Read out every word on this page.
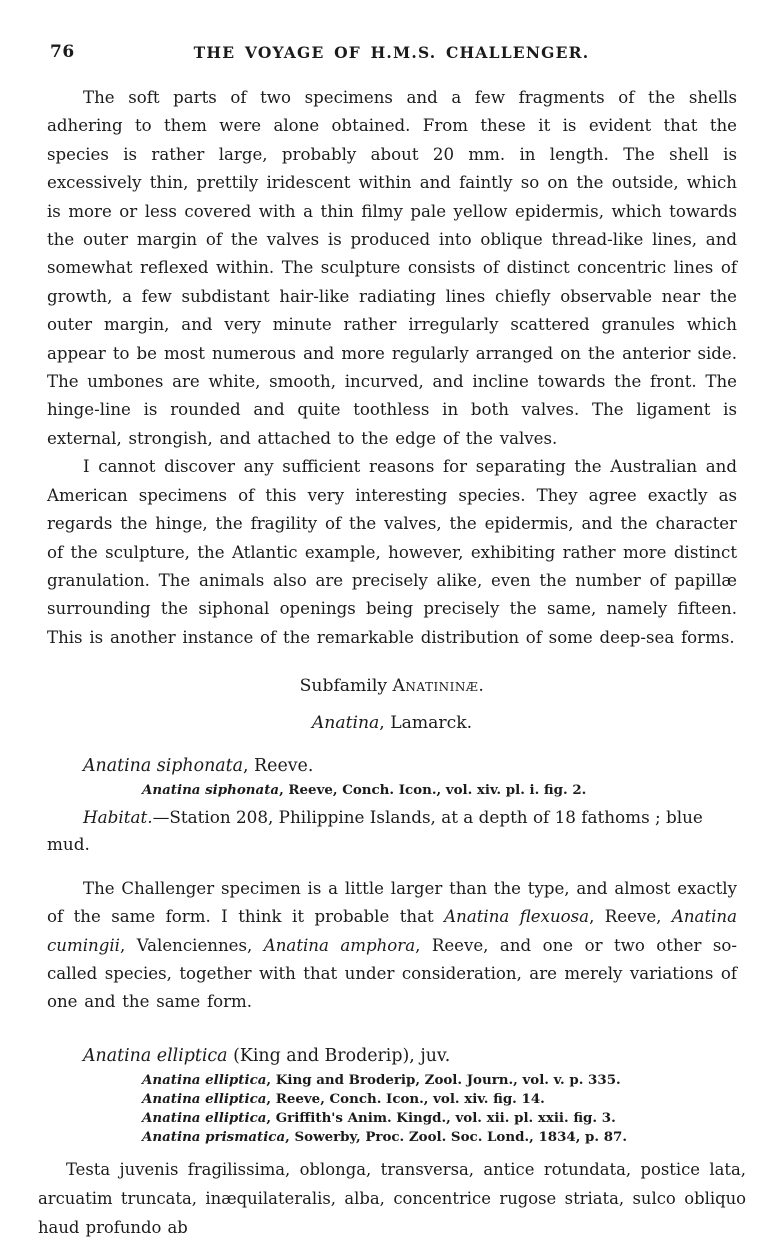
76	THE VOYAGE OF H.M.S. CHALLENGER.

The soft parts of two specimens and a few fragments of the shells adhering to them were alone obtained. From these it is evident that the species is rather large, probably about 20 mm. in length. The shell is excessively thin, prettily iridescent within and faintly so on the outside, which is more or less covered with a thin filmy pale yellow epidermis, which towards the outer margin of the valves is produced into oblique thread-like lines, and somewhat reflexed within. The sculpture consists of distinct concentric lines of growth, a few subdistant hair-like radiating lines chiefly observable near the outer margin, and very minute rather irregularly scattered granules which appear to be most numerous and more regularly arranged on the anterior side. The umbones are white, smooth, incurved, and incline towards the front. The hinge-line is rounded and quite toothless in both valves. The ligament is external, strongish, and attached to the edge of the valves.

I cannot discover any sufficient reasons for separating the Australian and American specimens of this very interesting species. They agree exactly as regards the hinge, the fragility of the valves, the epidermis, and the character of the sculpture, the Atlantic example, however, exhibiting rather more distinct granulation. The animals also are precisely alike, even the number of papillæ surrounding the siphonal openings being precisely the same, namely fifteen. This is another instance of the remarkable distribution of some deep-sea forms.

Subfamily Anatininæ.

Anatina, Lamarck.

Anatina siphonata, Reeve.

Anatina siphonata, Reeve, Conch. Icon., vol. xiv. pl. i. fig. 2.

Habitat.—Station 208, Philippine Islands, at a depth of 18 fathoms ; blue mud.

The Challenger specimen is a little larger than the type, and almost exactly of the same form. I think it probable that Anatina flexuosa, Reeve, Anatina cumingii, Valenciennes, Anatina amphora, Reeve, and one or two other so-called species, together with that under consideration, are merely variations of one and the same form.

Anatina elliptica (King and Broderip), juv.

Anatina elliptica, King and Broderip, Zool. Journ., vol. v. p. 335.
Anatina elliptica, Reeve, Conch. Icon., vol. xiv. fig. 14.
Anatina elliptica, Griffith's Anim. Kingd., vol. xii. pl. xxii. fig. 3.
Anatina prismatica, Sowerby, Proc. Zool. Soc. Lond., 1834, p. 87.

Testa juvenis fragilissima, oblonga, transversa, antice rotundata, postice lata, arcuatim truncata, inæquilateralis, alba, concentrice rugose striata, sulco obliquo haud profundo ab
